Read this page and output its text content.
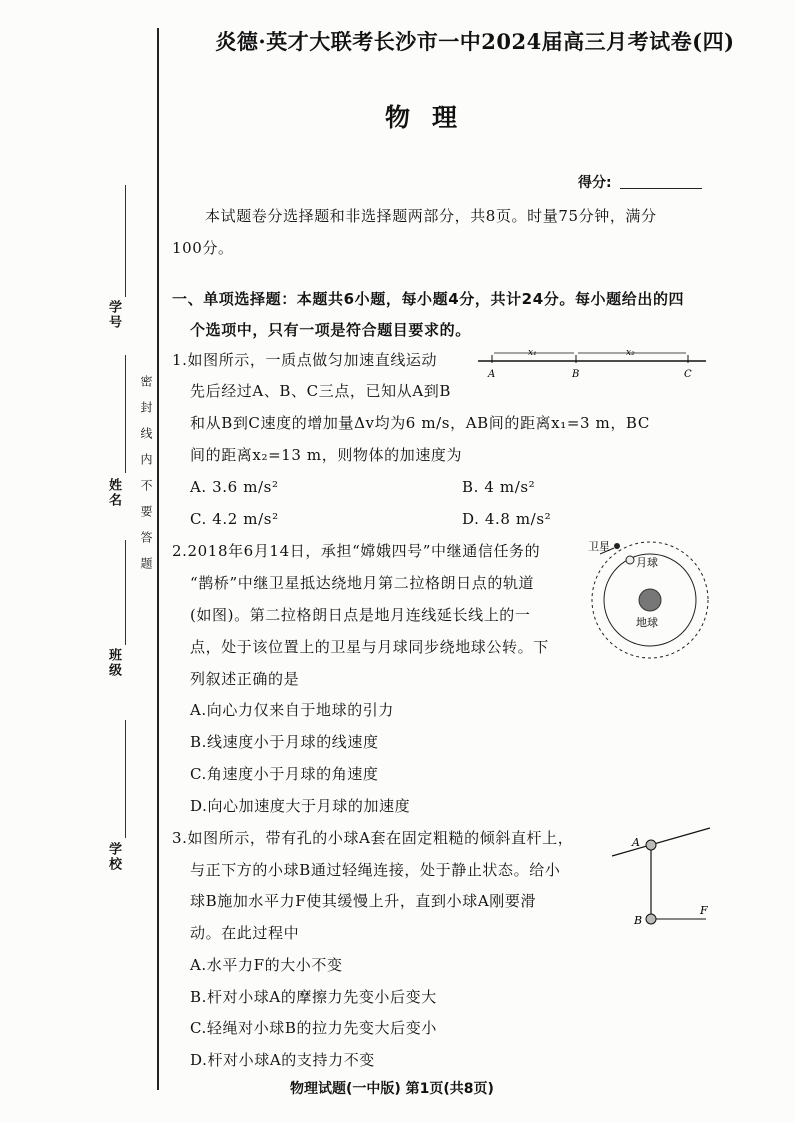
学号
姓名
班级
学校
密封线内不要答题
炎德·英才大联考长沙市一中2024届高三月考试卷(四)
物理
得分:
本试题卷分选择题和非选择题两部分，共8页。时量75分钟，满分
100分。
一、单项选择题：本题共6小题，每小题4分，共计24分。每小题给出的四
个选项中，只有一项是符合题目要求的。
1.如图所示，一质点做匀加速直线运动
先后经过A、B、C三点，已知从A到B
和从B到C速度的增加量Δv均为6 m/s，AB间的距离x₁=3 m，BC
间的距离x₂=13 m，则物体的加速度为
A. 3.6 m/s²	B. 4 m/s²
C. 4.2 m/s²	D. 4.8 m/s²
x₁	x₂
A	B	C
2.2018年6月14日，承担“嫦娥四号”中继通信任务的
“鹊桥”中继卫星抵达绕地月第二拉格朗日点的轨道
(如图)。第二拉格朗日点是地月连线延长线上的一
点，处于该位置上的卫星与月球同步绕地球公转。下
列叙述正确的是
A.向心力仅来自于地球的引力
B.线速度小于月球的线速度
C.角速度小于月球的角速度
D.向心加速度大于月球的加速度
卫星
月球
地球
3.如图所示，带有孔的小球A套在固定粗糙的倾斜直杆上，
与正下方的小球B通过轻绳连接，处于静止状态。给小
球B施加水平力F使其缓慢上升，直到小球A刚要滑
动。在此过程中
A.水平力F的大小不变
B.杆对小球A的摩擦力先变小后变大
C.轻绳对小球B的拉力先变大后变小
D.杆对小球A的支持力不变
A
B
F
物理试题(一中版) 第1页(共8页)
